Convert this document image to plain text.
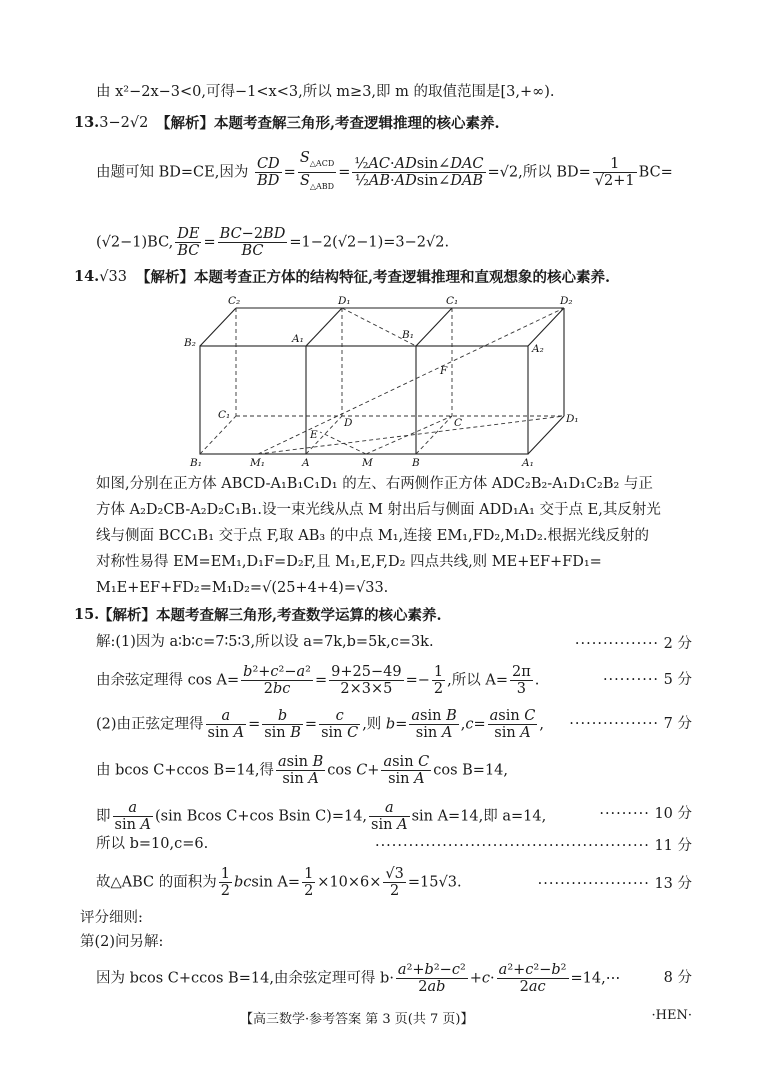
由 x²−2x−3<0,可得−1<x<3,所以 m≥3,即 m 的取值范围是[3,+∞).
13.3−2√2 【解析】本题考查解三角形,考查逻辑推理的核心素养.
由题可知 BD=CE,因为 $\frac{CD}{BD} = \frac{S_{\triangle ACD}}{S_{\triangle ABD}} = \frac{\text{½AC·ADsin∠DAC}}{\text{½AB·ADsin∠DAB}} =√2$,所以 $BD= \frac{1}{√2+1} BC=$
(√2−1)BC, $\frac{DE}{BC} = \frac{BC-2BD}{BC} =1-2(√2-1)=3-2√2$.
14.√33 【解析】本题考查正方体的结构特征,考查逻辑推理和直观想象的核心素养.
C₂	D₁	C₁	D₂
B₂	A₁	B₁
A₂
F
C₁
D	C	D₁
E
B₁	M₁	A	M	B	A₁
如图,分别在正方体 ABCD-A₁B₁C₁D₁ 的左、右两侧作正方体 ADC₂B₂-A₁D₁C₂B₂ 与正
方体 A₂D₂CB-A₂D₂C₁B₁.设一束光线从点 M 射出后与侧面 ADD₁A₁ 交于点 E,其反射光
线与侧面 BCC₁B₁ 交于点 F,取 AB₃ 的中点 M₁,连接 EM₁,FD₂,M₁D₂.根据光线反射的
对称性易得 EM=EM₁,D₁F=D₂F,且 M₁,E,F,D₂ 四点共线,则 ME+EF+FD₁=
M₁E+EF+FD₂=M₁D₂=√(25+4+4)=√33.
15.
【解析】本题考查解三角形,考查数学运算的核心素养.
解:(1)因为 a∶b∶c=7∶5∶3,所以设 a=7k,b=5k,c=3k.	··············· 2 分
由余弦定理得 $\cos A= \frac{\text{b²+c²−a²}}{2bc} = \frac{9+25-49}{2\times 3\times 5} =- \frac{1}{2}$ ,所以 $A= \frac{2\pi}{3}$ .	·········· 5 分
(2)由正弦定理得 $\frac{a}{\text{sin A}} = \frac{b}{\text{sin B}} = \frac{c}{\text{sin C}}$ ,则 $b= \frac{\text{asin B}}{\text{sin A}} ,c= \frac{\text{asin C}}{\text{sin A}}$ , ················ 7 分
由 bcos C+ccos B=14,得 $\frac{\text{asin B}}{\text{sin A}}$ $\cos C+ \frac{\text{asin C}}{\text{sin A}}$ cos B=14,
即 $\frac{a}{\text{sin A}} (\sin$ Bcos C+cos Bsin C)=14, $\frac{a}{\text{sin A}}$ sin A=14,即 a=14,	········· 10 分
所以 b=10,c=6.	················································· 11 分
故△ABC 的面积为 $\frac{1}{2}$ bcsin $A= \frac{1}{2} \times 10\times 6\times \frac{√3}{2} =15√3$.	···················· 13 分
评分细则:
第(2)问另解:
因为 bcos C+ccos B=14,由余弦定理可得 $b\cdot \frac{\text{a²+b²−c²}}{2ab} +c\cdot \frac{\text{a²+c²−b²}}{2ac}$ =14,⋯	8 分
【高三数学·参考答案 第 3 页(共 7 页)】	·HEN·
